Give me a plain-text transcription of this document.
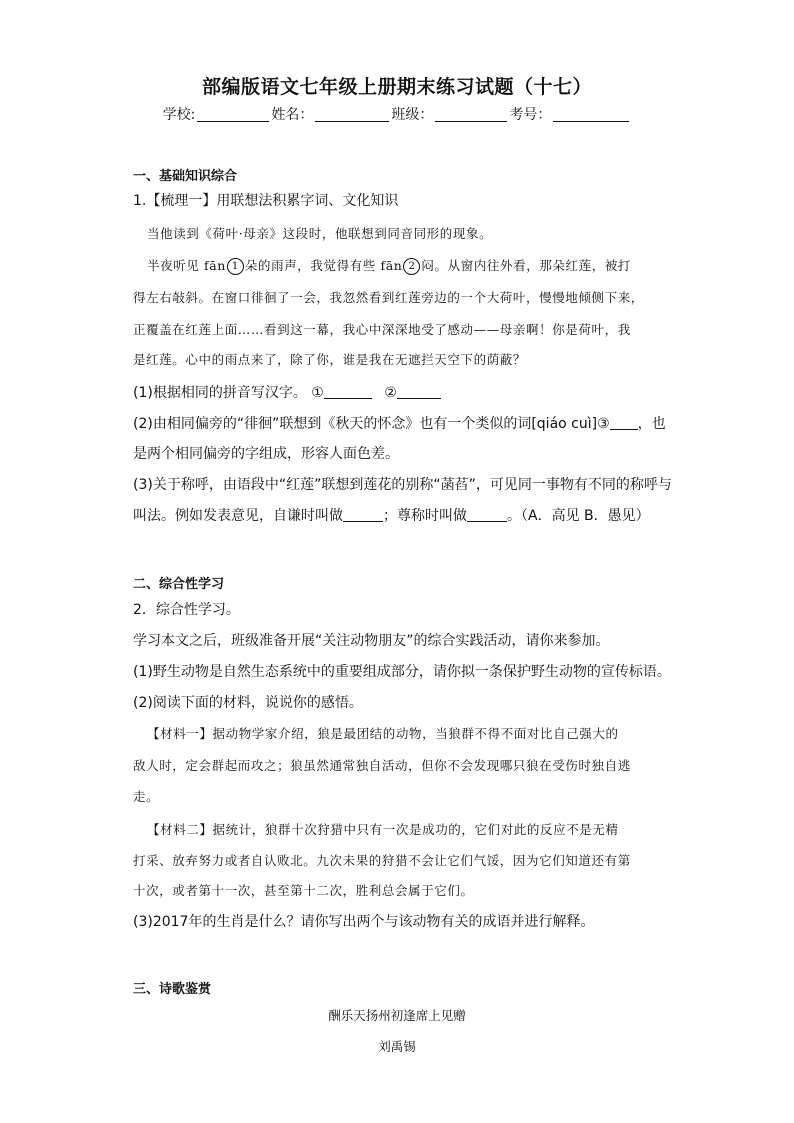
部编版语文七年级上册期末练习试题（十七）
学校:	姓名：	班级：	考号：
一、基础知识综合
1.【梳理一】用联想法积累字词、文化知识
当他读到《荷叶·母亲》这段时，他联想到同音同形的现象。
半夜听见 fān 1 朵的雨声，我觉得有些 fān 2 闷。从窗内往外看，那朵红莲，被打
得左右敧斜。在窗口徘徊了一会，我忽然看到红莲旁边的一个大荷叶，慢慢地倾侧下来，
正覆盖在红莲上面……看到这一幕，我心中深深地受了感动——母亲啊！你是荷叶，我
是红莲。心中的雨点来了，除了你，谁是我在无遮拦天空下的荫蔽？
(1)根据相同的拼音写汉字。 ①	②
(2)由相同偏旁的“徘徊”联想到《秋天的怀念》也有一个类似的词[qiáo cuì]③ ，也
是两个相同偏旁的字组成，形容人面色差。
(3)关于称呼，由语段中“红莲”联想到莲花的别称“菡萏”，可见同一事物有不同的称呼与
叫法。例如发表意见，自谦时叫做	；尊称时叫做	。（A．高见 B．愚见）
二、综合性学习
2．综合性学习。
学习本文之后，班级准备开展“关注动物朋友”的综合实践活动，请你来参加。
(1)野生动物是自然生态系统中的重要组成部分，请你拟一条保护野生动物的宣传标语。
(2)阅读下面的材料，说说你的感悟。
【材料一】据动物学家介绍，狼是最团结的动物，当狼群不得不面对比自己强大的
敌人时，定会群起而攻之；狼虽然通常独自活动，但你不会发现哪只狼在受伤时独自逃
走。
【材料二】据统计，狼群十次狩猎中只有一次是成功的，它们对此的反应不是无精
打采、放弃努力或者自认败北。九次未果的狩猎不会让它们气馁，因为它们知道还有第
十次，或者第十一次，甚至第十二次，胜利总会属于它们。
(3)2017年的生肖是什么？请你写出两个与该动物有关的成语并进行解释。
三、诗歌鉴赏
酬乐天扬州初逢席上见赠
刘禹锡
